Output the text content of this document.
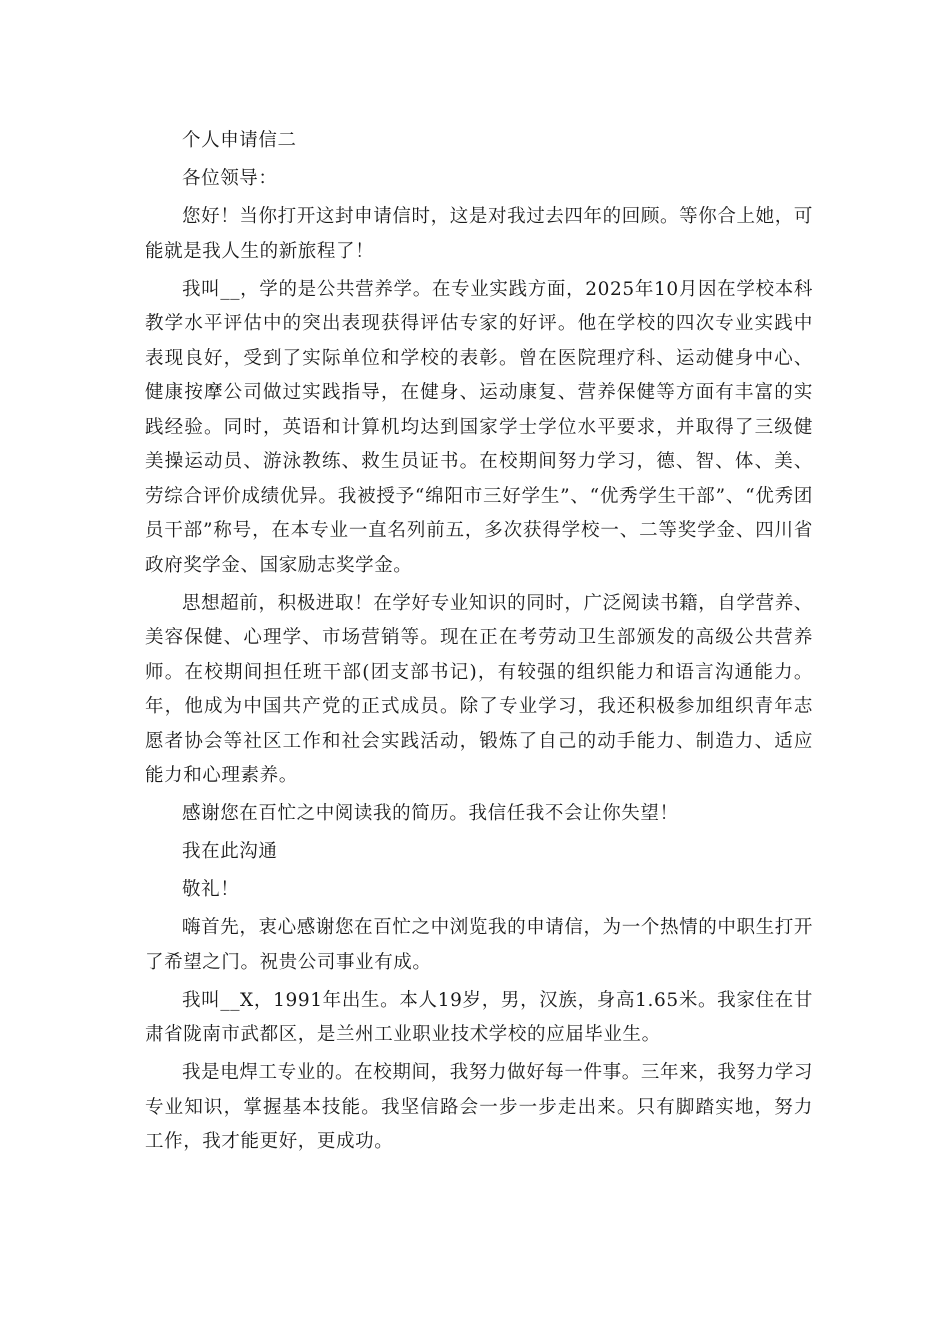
个人申请信二

各位领导：

您好！当你打开这封申请信时，这是对我过去四年的回顾。等你合上她，可能就是我人生的新旅程了！

我叫__，学的是公共营养学。在专业实践方面，2025年10月因在学校本科教学水平评估中的突出表现获得评估专家的好评。他在学校的四次专业实践中表现良好，受到了实际单位和学校的表彰。曾在医院理疗科、运动健身中心、健康按摩公司做过实践指导，在健身、运动康复、营养保健等方面有丰富的实践经验。同时，英语和计算机均达到国家学士学位水平要求，并取得了三级健美操运动员、游泳教练、救生员证书。在校期间努力学习，德、智、体、美、劳综合评价成绩优异。我被授予“绵阳市三好学生”、“优秀学生干部”、“优秀团员干部”称号，在本专业一直名列前五，多次获得学校一、二等奖学金、四川省政府奖学金、国家励志奖学金。

思想超前，积极进取！在学好专业知识的同时，广泛阅读书籍，自学营养、美容保健、心理学、市场营销等。现在正在考劳动卫生部颁发的高级公共营养师。在校期间担任班干部(团支部书记)，有较强的组织能力和语言沟通能力。年，他成为中国共产党的正式成员。除了专业学习，我还积极参加组织青年志愿者协会等社区工作和社会实践活动，锻炼了自己的动手能力、制造力、适应能力和心理素养。

感谢您在百忙之中阅读我的简历。我信任我不会让你失望！

我在此沟通

敬礼！

嗨首先，衷心感谢您在百忙之中浏览我的申请信，为一个热情的中职生打开了希望之门。祝贵公司事业有成。

我叫__X，1991年出生。本人19岁，男，汉族，身高1.65米。我家住在甘肃省陇南市武都区，是兰州工业职业技术学校的应届毕业生。

我是电焊工专业的。在校期间，我努力做好每一件事。三年来，我努力学习专业知识，掌握基本技能。我坚信路会一步一步走出来。只有脚踏实地，努力工作，我才能更好，更成功。
